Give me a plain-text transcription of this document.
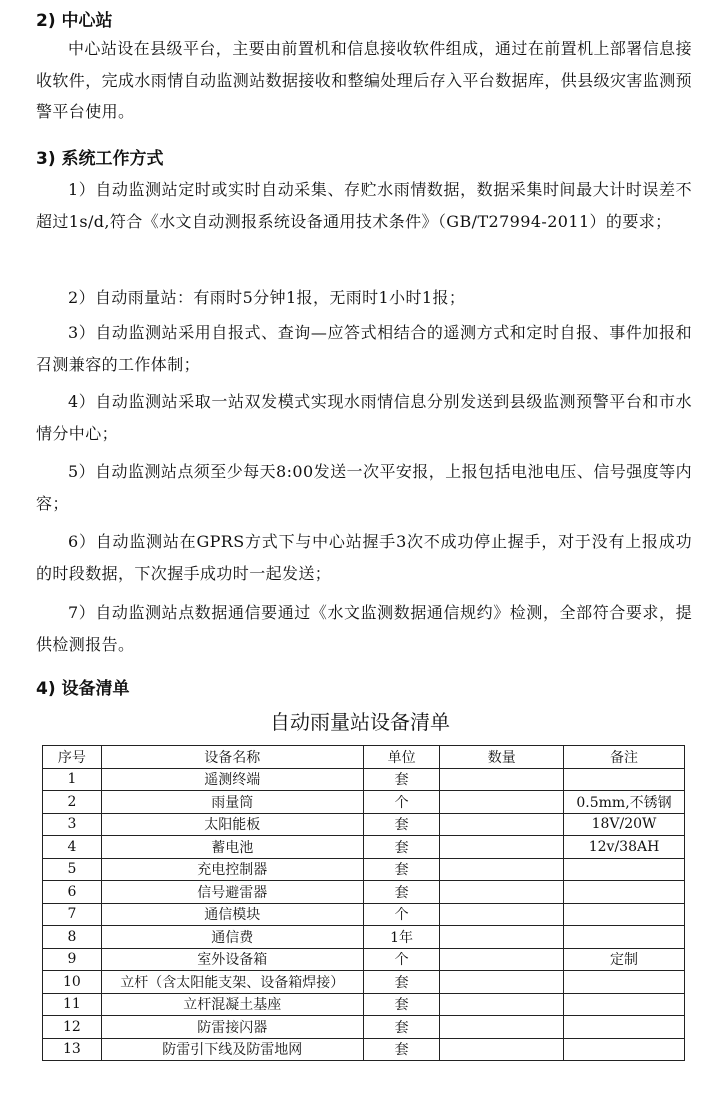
2) 中心站
中心站设在县级平台，主要由前置机和信息接收软件组成，通过在前置机上部署信息接收软件，完成水雨情自动监测站数据接收和整编处理后存入平台数据库，供县级灾害监测预警平台使用。
3) 系统工作方式
1）自动监测站定时或实时自动采集、存贮水雨情数据，数据采集时间最大计时误差不超过1s/d,符合《水文自动测报系统设备通用技术条件》（GB/T27994-2011）的要求；
2）自动雨量站：有雨时5分钟1报，无雨时1小时1报；
3）自动监测站采用自报式、查询—应答式相结合的遥测方式和定时自报、事件加报和召测兼容的工作体制；
4）自动监测站采取一站双发模式实现水雨情信息分别发送到县级监测预警平台和市水情分中心；
5）自动监测站点须至少每天8:00发送一次平安报，上报包括电池电压、信号强度等内容；
6）自动监测站在GPRS方式下与中心站握手3次不成功停止握手，对于没有上报成功的时段数据，下次握手成功时一起发送；
7）自动监测站点数据通信要通过《水文监测数据通信规约》检测，全部符合要求，提供检测报告。
4) 设备清单
自动雨量站设备清单
序号	设备名称	单位	数量	备注
1	遥测终端	套		
2	雨量筒	个		0.5mm,不锈钢
3	太阳能板	套		18V/20W
4	蓄电池	套		12v/38AH
5	充电控制器	套		
6	信号避雷器	套		
7	通信模块	个		
8	通信费	1年		
9	室外设备箱	个		定制
10	立杆（含太阳能支架、设备箱焊接）	套		
11	立杆混凝土基座	套		
12	防雷接闪器	套		
13	防雷引下线及防雷地网	套		
